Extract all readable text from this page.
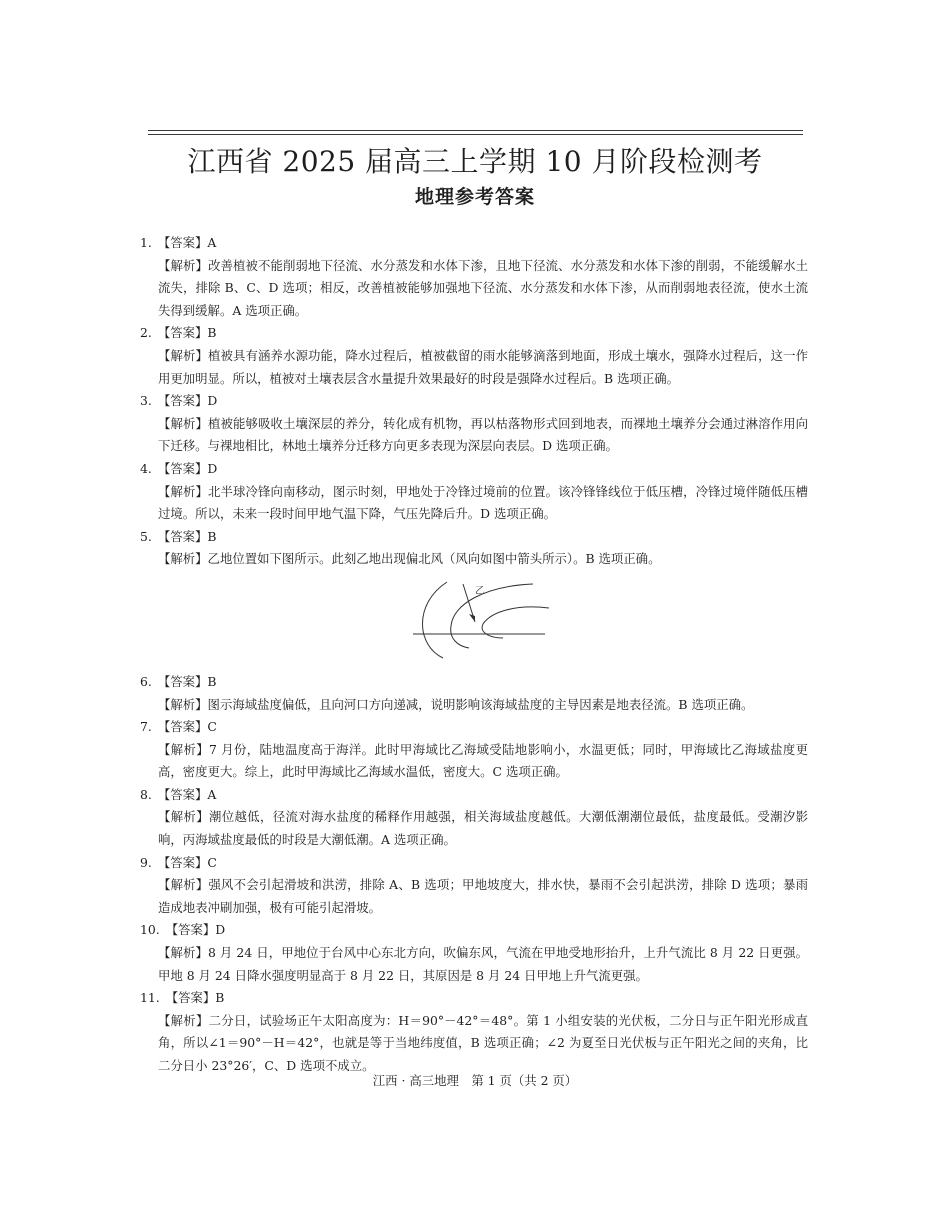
江西省 2025 届高三上学期 10 月阶段检测考
地理参考答案
1. 【答案】A
【解析】改善植被不能削弱地下径流、水分蒸发和水体下渗，且地下径流、水分蒸发和水体下渗的削弱，不能缓解水土流失，排除 B、C、D 选项；相反，改善植被能够加强地下径流、水分蒸发和水体下渗，从而削弱地表径流，使水土流失得到缓解。A 选项正确。
2. 【答案】B
【解析】植被具有涵养水源功能，降水过程后，植被截留的雨水能够滴落到地面，形成土壤水，强降水过程后，这一作用更加明显。所以，植被对土壤表层含水量提升效果最好的时段是强降水过程后。B 选项正确。
3. 【答案】D
【解析】植被能够吸收土壤深层的养分，转化成有机物，再以枯落物形式回到地表，而裸地土壤养分会通过淋溶作用向下迁移。与裸地相比，林地土壤养分迁移方向更多表现为深层向表层。D 选项正确。
4. 【答案】D
【解析】北半球冷锋向南移动，图示时刻，甲地处于冷锋过境前的位置。该冷锋锋线位于低压槽，冷锋过境伴随低压槽过境。所以，未来一段时间甲地气温下降，气压先降后升。D 选项正确。
5. 【答案】B
【解析】乙地位置如下图所示。此刻乙地出现偏北风（风向如图中箭头所示）。B 选项正确。
6. 【答案】B
【解析】图示海域盐度偏低，且向河口方向递减，说明影响该海域盐度的主导因素是地表径流。B 选项正确。
7. 【答案】C
【解析】7 月份，陆地温度高于海洋。此时甲海域比乙海域受陆地影响小，水温更低；同时，甲海域比乙海域盐度更高，密度更大。综上，此时甲海域比乙海域水温低，密度大。C 选项正确。
8. 【答案】A
【解析】潮位越低，径流对海水盐度的稀释作用越强，相关海域盐度越低。大潮低潮潮位最低，盐度最低。受潮汐影响，丙海域盐度最低的时段是大潮低潮。A 选项正确。
9. 【答案】C
【解析】强风不会引起滑坡和洪涝，排除 A、B 选项；甲地坡度大，排水快，暴雨不会引起洪涝，排除 D 选项；暴雨造成地表冲刷加强，极有可能引起滑坡。
10. 【答案】D
【解析】8 月 24 日，甲地位于台风中心东北方向，吹偏东风，气流在甲地受地形抬升，上升气流比 8 月 22 日更强。甲地 8 月 24 日降水强度明显高于 8 月 22 日，其原因是 8 月 24 日甲地上升气流更强。
11. 【答案】B
【解析】二分日，试验场正午太阳高度为：H＝90°－42°＝48°。第 1 小组安装的光伏板，二分日与正午阳光形成直角，所以∠1＝90°－H＝42°，也就是等于当地纬度值，B 选项正确；∠2 为夏至日光伏板与正午阳光之间的夹角，比二分日小 23°26′，C、D 选项不成立。
乙
江西 · 高三地理　第 1 页（共 2 页）
